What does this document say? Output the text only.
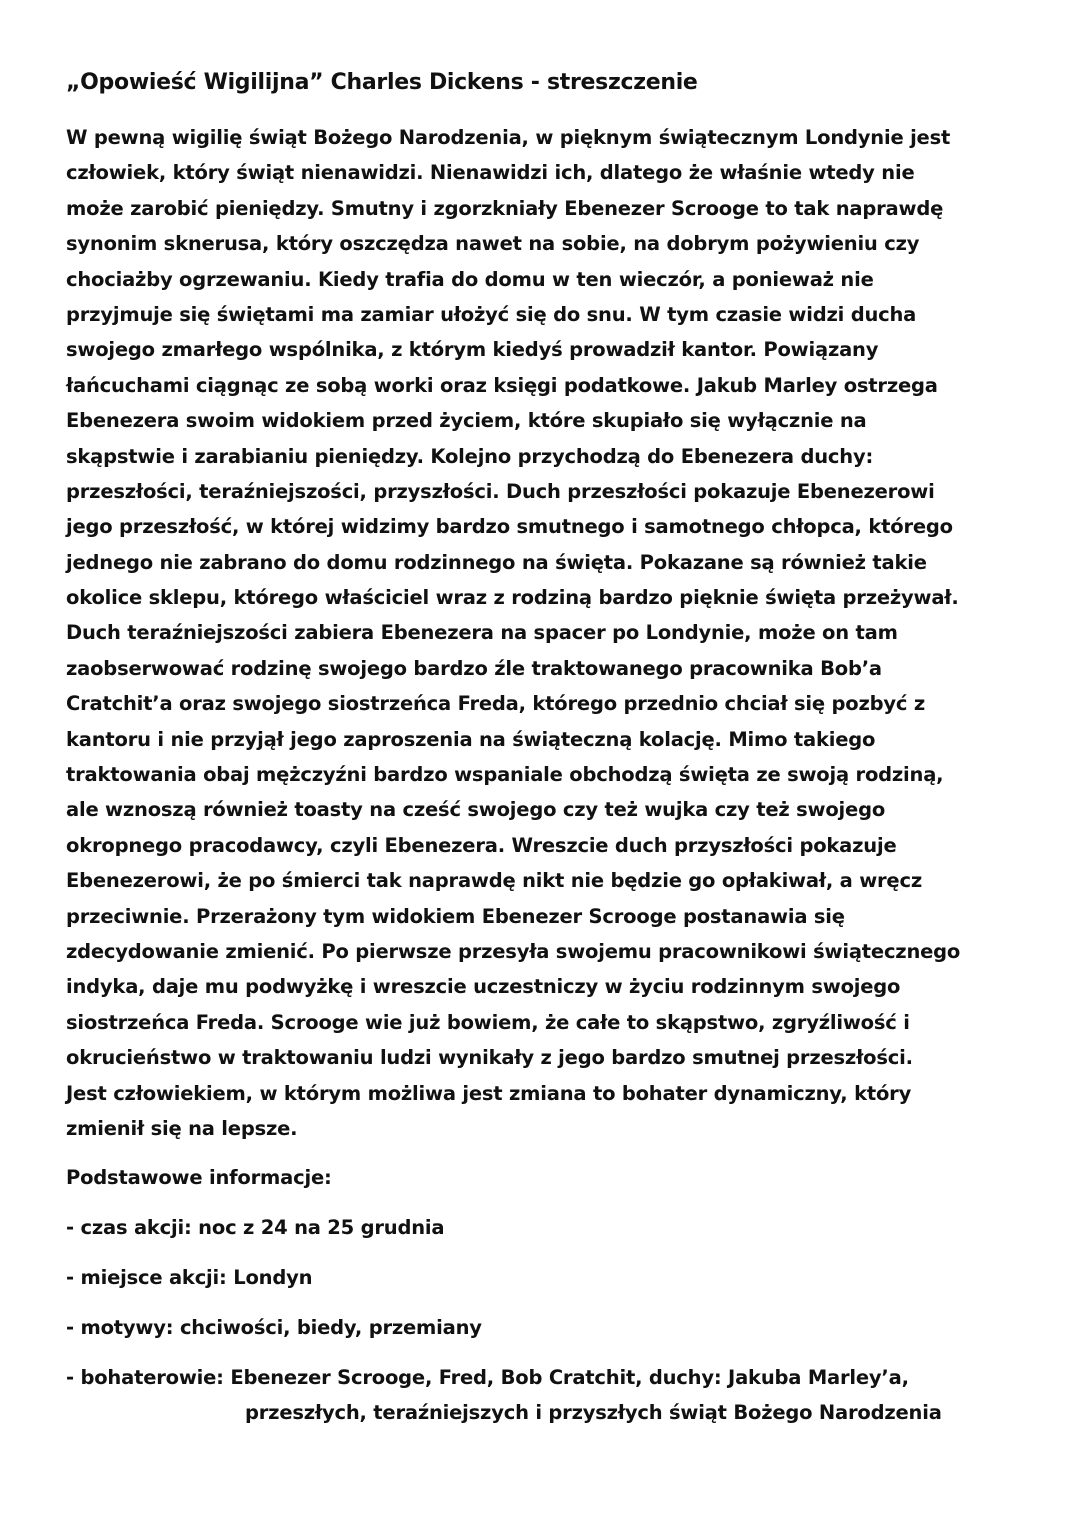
„Opowieść Wigilijna” Charles Dickens - streszczenie
W pewną wigilię świąt Bożego Narodzenia, w pięknym świątecznym Londynie jest
człowiek, który świąt nienawidzi. Nienawidzi ich, dlatego że właśnie wtedy nie
może zarobić pieniędzy. Smutny i zgorzkniały Ebenezer Scrooge to tak naprawdę
synonim sknerusa, który oszczędza nawet na sobie, na dobrym pożywieniu czy
chociażby ogrzewaniu. Kiedy trafia do domu w ten wieczór, a ponieważ nie
przyjmuje się świętami ma zamiar ułożyć się do snu. W tym czasie widzi ducha
swojego zmarłego wspólnika, z którym kiedyś prowadził kantor. Powiązany
łańcuchami ciągnąc ze sobą worki oraz księgi podatkowe. Jakub Marley ostrzega
Ebenezera swoim widokiem przed życiem, które skupiało się wyłącznie na
skąpstwie i zarabianiu pieniędzy. Kolejno przychodzą do Ebenezera duchy:
przeszłości, teraźniejszości, przyszłości. Duch przeszłości pokazuje Ebenezerowi
jego przeszłość, w której widzimy bardzo smutnego i samotnego chłopca, którego
jednego nie zabrano do domu rodzinnego na święta. Pokazane są również takie
okolice sklepu, którego właściciel wraz z rodziną bardzo pięknie święta przeżywał.
Duch teraźniejszości zabiera Ebenezera na spacer po Londynie, może on tam
zaobserwować rodzinę swojego bardzo źle traktowanego pracownika Bob’a
Cratchit’a oraz swojego siostrzeńca Freda, którego przednio chciał się pozbyć z
kantoru i nie przyjął jego zaproszenia na świąteczną kolację. Mimo takiego
traktowania obaj mężczyźni bardzo wspaniale obchodzą święta ze swoją rodziną,
ale wznoszą również toasty na cześć swojego czy też wujka czy też swojego
okropnego pracodawcy, czyli Ebenezera. Wreszcie duch przyszłości pokazuje
Ebenezerowi, że po śmierci tak naprawdę nikt nie będzie go opłakiwał, a wręcz
przeciwnie. Przerażony tym widokiem Ebenezer Scrooge postanawia się
zdecydowanie zmienić. Po pierwsze przesyła swojemu pracownikowi świątecznego
indyka, daje mu podwyżkę i wreszcie uczestniczy w życiu rodzinnym swojego
siostrzeńca Freda. Scrooge wie już bowiem, że całe to skąpstwo, zgryźliwość i
okrucieństwo w traktowaniu ludzi wynikały z jego bardzo smutnej przeszłości.
Jest człowiekiem, w którym możliwa jest zmiana to bohater dynamiczny, który
zmienił się na lepsze.
Podstawowe informacje:
- czas akcji: noc z 24 na 25 grudnia
- miejsce akcji: Londyn
- motywy: chciwości, biedy, przemiany
- bohaterowie: Ebenezer Scrooge, Fred, Bob Cratchit, duchy: Jakuba Marley’a,
przeszłych, teraźniejszych i przyszłych świąt Bożego Narodzenia
